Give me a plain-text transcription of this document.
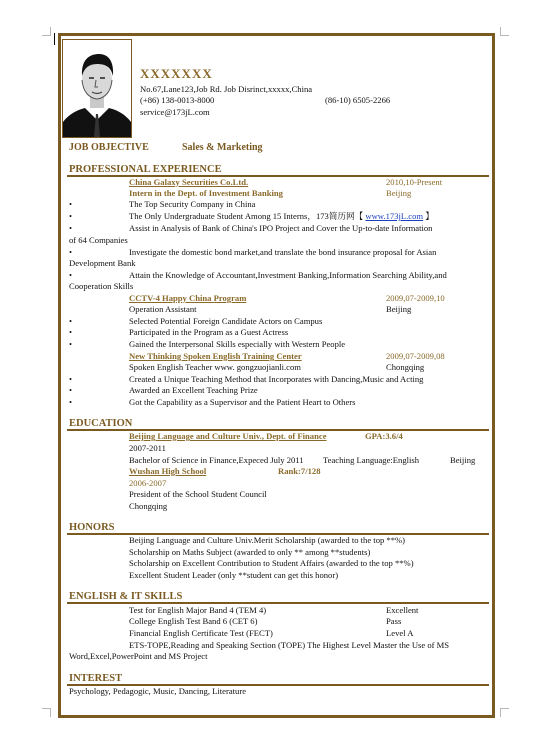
XXXXXXX
No.67,Lane123,Job Rd. Job Disrinct,xxxxx,China
(+86) 138-0013-8000	(86-10) 6505-2266
service@173jL.com
JOB OBJECTIVE	Sales & Marketing
PROFESSIONAL EXPERIENCE
China Galaxy Securities Co.Ltd.	2010,10-Present
Intern in the Dept. of Investment Banking	Beijing
•	The Top Security Company in China
•	The Only Undergraduate Student Among 15 Interns，173简历网【 www.173jL.com 】
•	Assist in Analysis of Bank of China's IPO Project and Cover the Up-to-date Information
of 64 Companies
•	Investigate the domestic bond market,and translate the bond insurance proposal for Asian
Development Bank
•	Attain the Knowledge of Accountant,Investment Banking,Information Searching Ability,and
Cooperation Skills
CCTV-4 Happy China Program	2009,07-2009,10
Operation Assistant	Beijing
•	Selected Potential Foreign Candidate Actors on Campus
•	Participated in the Program as a Guest Actress
•	Gained the Interpersonal Skills especially with Western People
New Thinking Spoken English Training Center	2009,07-2009,08
Spoken English Teacher www. gongzuojianli.com	Chongqing
•	Created a Unique Teaching Method that Incorporates with Dancing,Music and Acting
•	Awarded an Excellent Teaching Prize
•	Got the Capability as a Supervisor and the Patient Heart to Others
EDUCATION
Beijing Language and Culture Univ., Dept. of Finance	GPA:3.6/4
2007-2011
Bachelor of Science in Finance,Expeced July 2011 Teaching Language:English	Beijing
Wushan High School	Rank:7/128
2006-2007
President of the School Student Council
Chongqing
HONORS
Beijing Language and Culture Univ.Merit Scholarship (awarded to the top **%)
Scholarship on Maths Subject (awarded to only ** among **students)
Scholarship on Excellent Contribution to Student Affairs (awarded to the top **%)
Excellent Student Leader (only **student can get this honor)
ENGLISH & IT SKILLS
Test for English Major Band 4 (TEM 4)	Excellent
College English Test Band 6 (CET 6)	Pass
Financial English Certificate Test (FECT)	Level A
ETS-TOPE,Reading and Speaking Section (TOPE) The Highest Level Master the Use of MS
Word,Excel,PowerPoint and MS Project
INTEREST
Psychology, Pedagogic, Music, Dancing, Literature
